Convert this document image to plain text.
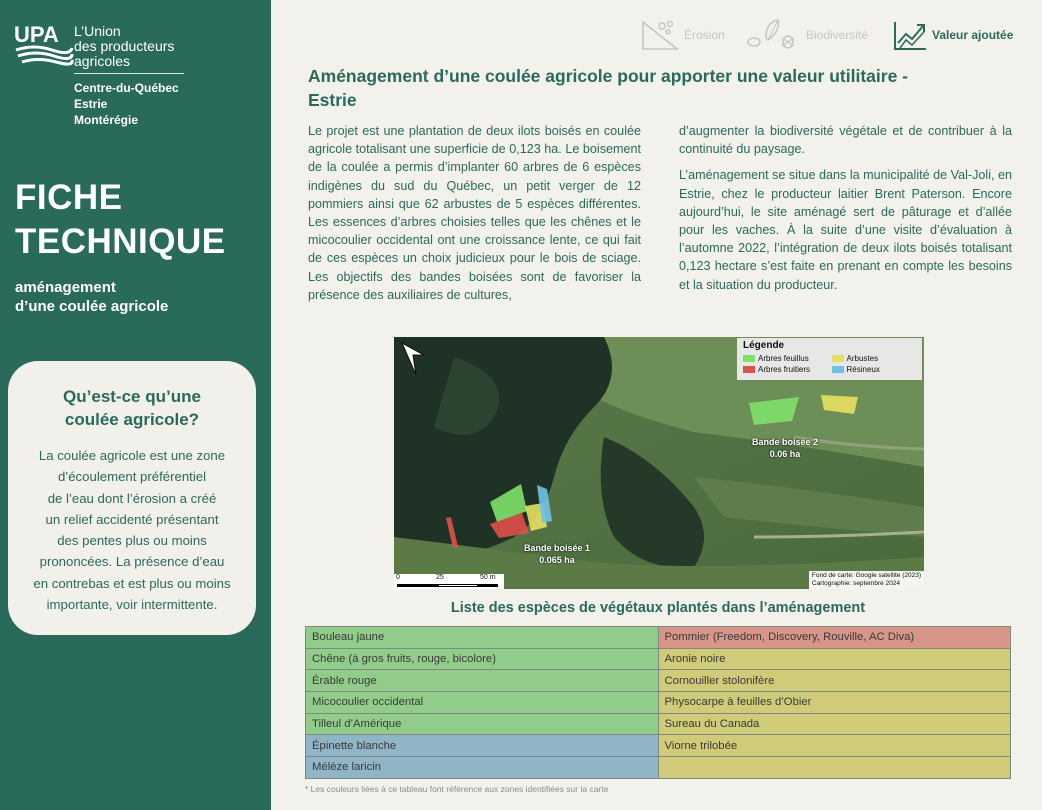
UPA L’Union
des producteurs
agricoles
Centre-du-Québec
Estrie
Montérégie
FICHE
TECHNIQUE
aménagement
d’une coulée agricole
Qu’est-ce qu’une
coulée agricole?
La coulée agricole est une zone
d’écoulement préférentiel
de l’eau dont l’érosion a créé
un relief accidenté présentant
des pentes plus ou moins
prononcées. La présence d’eau
en contrebas et est plus ou moins
importante, voir intermittente.
Érosion	Biodiversité	Valeur ajoutée
Aménagement d’une coulée agricole pour apporter une valeur utilitaire -
Estrie

Le projet est une plantation de deux ilots boisés en coulée agricole totalisant une superficie de 0,123 ha. Le boisement de la coulée a permis d’implanter 60 arbres de 6 espèces indigènes du sud du Québec, un petit verger de 12 pommiers ainsi que 62 arbustes de 5 espèces différentes. Les essences d’arbres choisies telles que les chênes et le micocoulier occidental ont une croissance lente, ce qui fait de ces espèces un choix judicieux pour le bois de sciage. Les objectifs des bandes boisées sont de favoriser la présence des auxiliaires de cultures,

d’augmenter la biodiversité végétale et de contribuer à la continuité du paysage.

L’aménagement se situe dans la municipalité de Val-Joli, en Estrie, chez le producteur laitier Brent Paterson. Encore aujourd’hui, le site aménagé sert de pâturage et d’allée pour les vaches. À la suite d’une visite d’évaluation à l’automne 2022, l’intégration de deux ilots boisés totalisant 0,123 hectare s’est faite en prenant en compte les besoins et la situation du producteur.

Légende
Arbres feuillus	Arbustes
Arbres fruitiers	Résineux
Bande boisée 2
0.06 ha
Bande boisée 1
0.065 ha
0	25	50 m	Fond de carte: Google satellite (2023)
Cartographie: septembre 2024
Liste des espèces de végétaux plantés dans l’aménagement
Bouleau jaune	Pommier (Freedom, Discovery, Rouville, AC Diva)
Chêne (à gros fruits, rouge, bicolore)	Aronie noire
Érable rouge	Cornouiller stolonifère
Micocoulier occidental	Physocarpe à feuilles d’Obier
Tilleul d’Amérique	Sureau du Canada
Épinette blanche	Viorne trilobée
Mélèze laricin	
* Les couleurs liées à ce tableau font référence aux zones identifiées sur la carte
